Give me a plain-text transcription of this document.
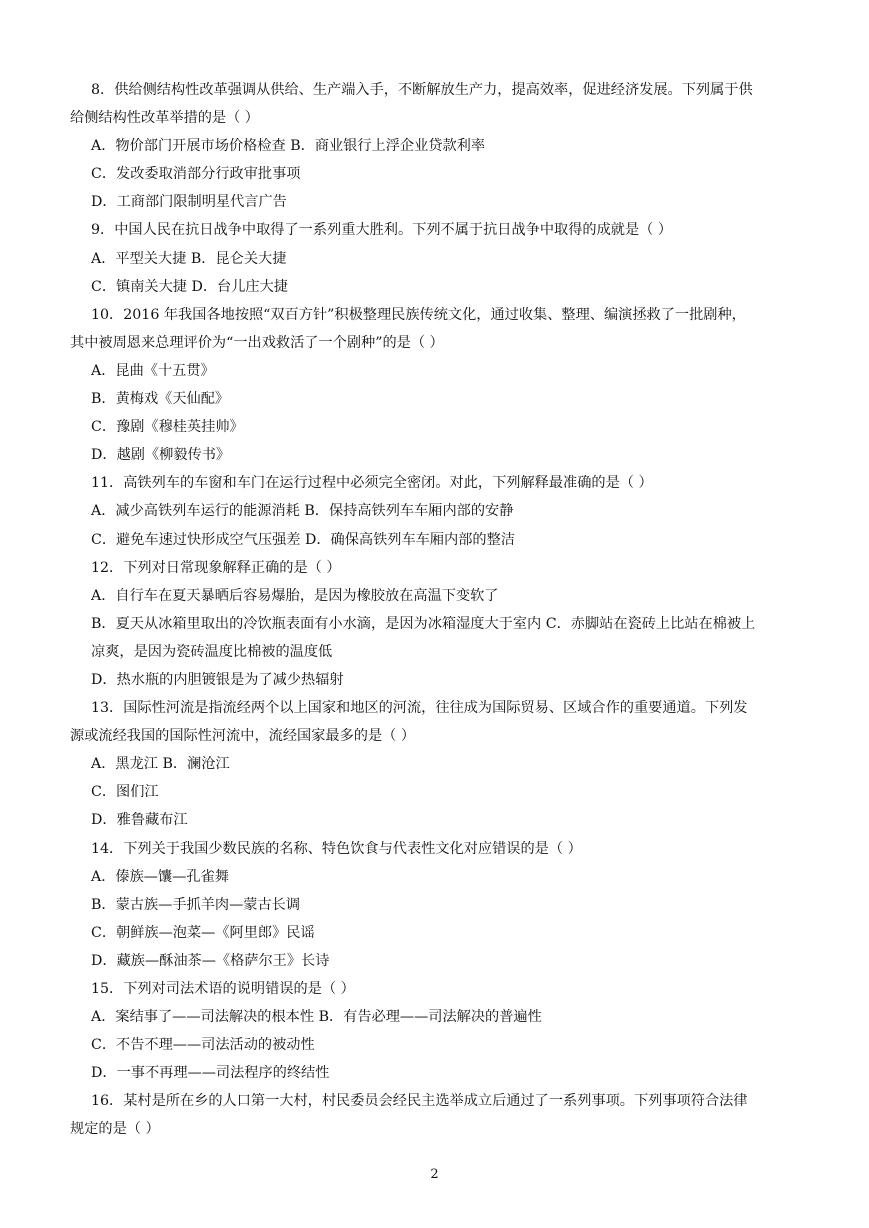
8．供给侧结构性改革强调从供给、生产端入手，不断解放生产力，提高效率，促进经济发展。下列属于供

给侧结构性改革举措的是（ ）

A．物价部门开展市场价格检查 B．商业银行上浮企业贷款利率

C．发改委取消部分行政审批事项

D．工商部门限制明星代言广告

9．中国人民在抗日战争中取得了一系列重大胜利。下列不属于抗日战争中取得的成就是（ ）

A．平型关大捷 B．昆仑关大捷

C．镇南关大捷 D．台儿庄大捷

10．2016 年我国各地按照“双百方针”积极整理民族传统文化，通过收集、整理、编演拯救了一批剧种，

其中被周恩来总理评价为“一出戏救活了一个剧种”的是（ ）

A．昆曲《十五贯》

B．黄梅戏《天仙配》

C．豫剧《穆桂英挂帅》

D．越剧《柳毅传书》

11．高铁列车的车窗和车门在运行过程中必须完全密闭。对此，下列解释最准确的是（ ）

A．减少高铁列车运行的能源消耗 B．保持高铁列车车厢内部的安静

C．避免车速过快形成空气压强差 D．确保高铁列车车厢内部的整洁

12．下列对日常现象解释正确的是（ ）

A．自行车在夏天暴晒后容易爆胎，是因为橡胶放在高温下变软了

B．夏天从冰箱里取出的冷饮瓶表面有小水滴，是因为冰箱湿度大于室内 C．赤脚站在瓷砖上比站在棉被上

凉爽，是因为瓷砖温度比棉被的温度低

D．热水瓶的内胆镀银是为了减少热辐射

13．国际性河流是指流经两个以上国家和地区的河流，往往成为国际贸易、区域合作的重要通道。下列发

源或流经我国的国际性河流中，流经国家最多的是（ ）

A．黑龙江 B．澜沧江

C．图们江

D．雅鲁藏布江

14．下列关于我国少数民族的名称、特色饮食与代表性文化对应错误的是（ ）

A．傣族—馕—孔雀舞

B．蒙古族—手抓羊肉—蒙古长调

C．朝鲜族—泡菜—《阿里郎》民谣

D．藏族—酥油茶—《格萨尔王》长诗

15．下列对司法术语的说明错误的是（ ）

A．案结事了——司法解决的根本性 B．有告必理——司法解决的普遍性

C．不告不理——司法活动的被动性

D．一事不再理——司法程序的终结性

16．某村是所在乡的人口第一大村，村民委员会经民主选举成立后通过了一系列事项。下列事项符合法律

规定的是（ ）

2
